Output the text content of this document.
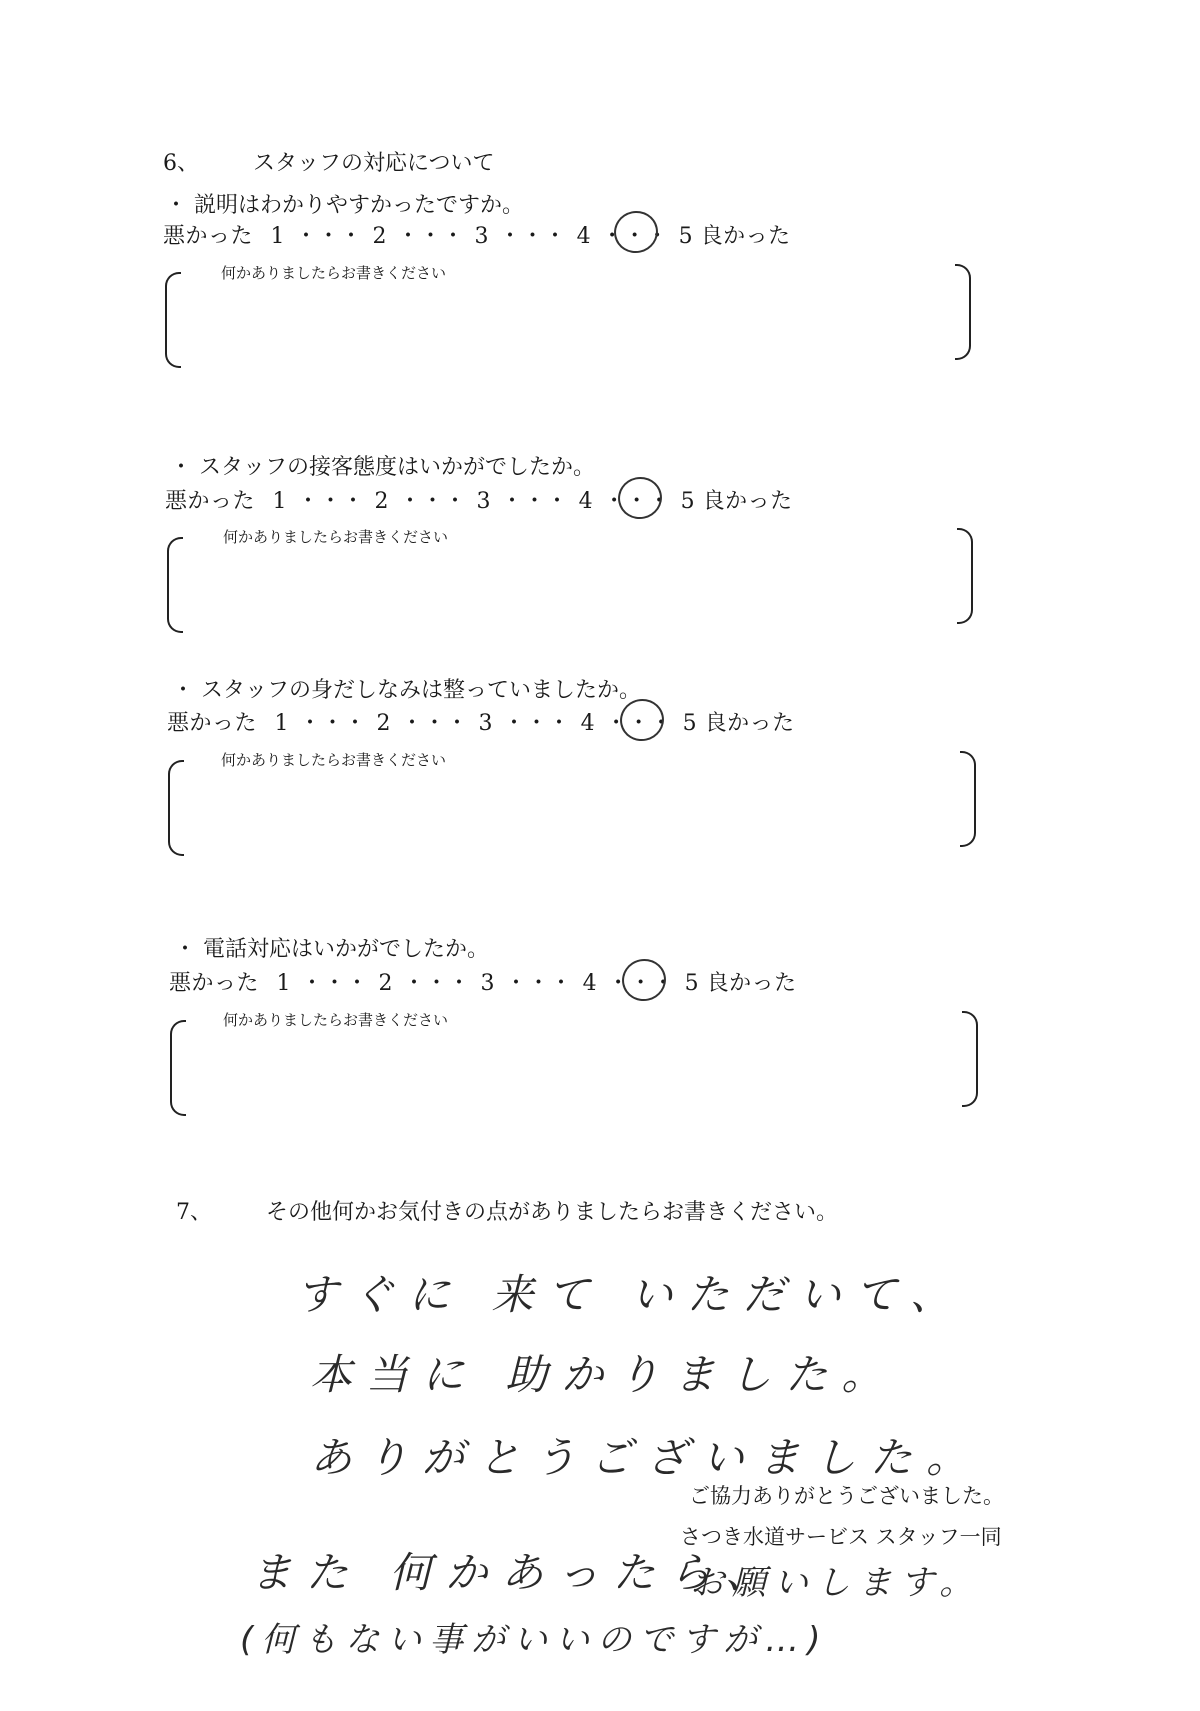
6、 スタッフの対応について
・ 説明はわかりやすかったですか。
悪かった 1 ・・・ 2 ・・・ 3 ・・・ 4 ・・・ 5 良かった
何かありましたらお書きください
・ スタッフの接客態度はいかがでしたか。
悪かった 1 ・・・ 2 ・・・ 3 ・・・ 4 ・・・ 5 良かった
何かありましたらお書きください
・ スタッフの身だしなみは整っていましたか。
悪かった 1 ・・・ 2 ・・・ 3 ・・・ 4 ・・・ 5 良かった
何かありましたらお書きください
・ 電話対応はいかがでしたか。
悪かった 1 ・・・ 2 ・・・ 3 ・・・ 4 ・・・ 5 良かった
何かありましたらお書きください
7、 その他何かお気付きの点がありましたらお書きください。
すぐに 来て いただいて、
本当に 助かりました。
ありがとうございました。
また 何かあったら、
お願いします。
(何もない事がいいのですが…)
ご協力ありがとうございました。
さつき水道サービス スタッフ一同
